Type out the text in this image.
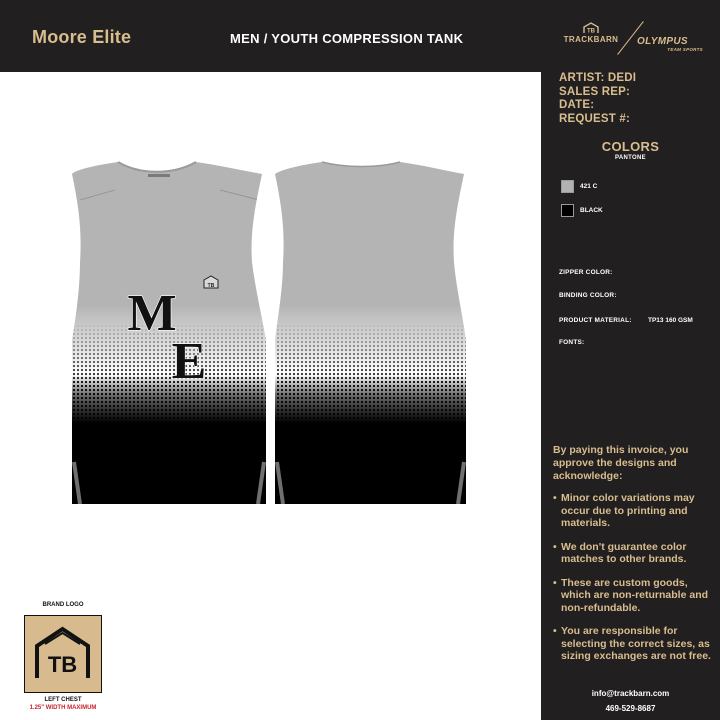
Moore Elite	MEN / YOUTH COMPRESSION TANK	TB
TRACKBARN	OLYMPUS
TEAM SPORTS
TB
M
E
ARTIST: DEDI
SALES REP:
DATE:
REQUEST #:
COLORS
PANTONE
421 C
BLACK
ZIPPER COLOR:
BINDING COLOR:
PRODUCT MATERIAL:	TP13 160 GSM
FONTS:
By paying this invoice, you approve the designs and acknowledge:
• Minor color variations may occur due to printing and materials.
• We don't guarantee color matches to other brands.
• These are custom goods, which are non-returnable and non-refundable.
• You are responsible for selecting the correct sizes, as sizing exchanges are not free.
info@trackbarn.com
469-529-8687
BRAND LOGO
TB
LEFT CHEST
1.25" WIDTH MAXIMUM
